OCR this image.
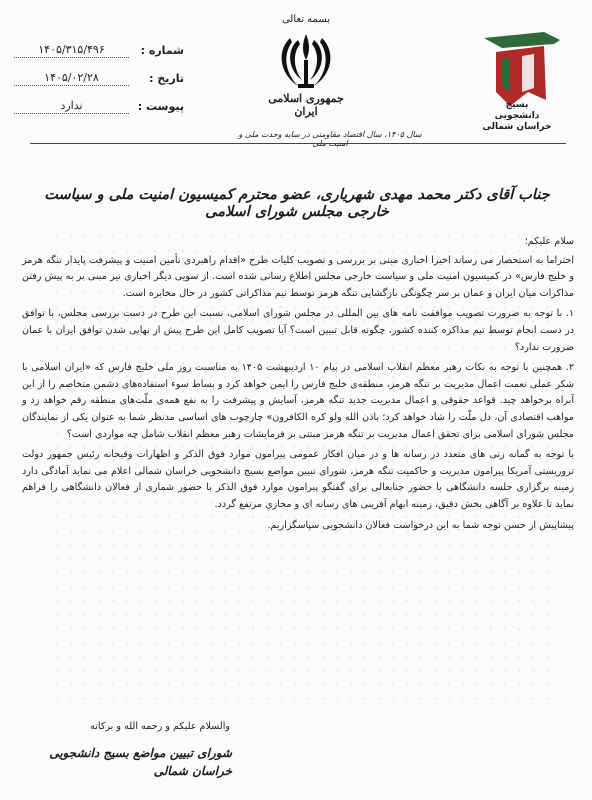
شماره :
۱۴۰۵/۳۱۵/۴۹۶
تاریخ :
۱۴۰۵/۰۲/۲۸
پیوست :
ندارد
بسمه تعالی
جمهوری اسلامی ایران	بسیج
دانشجویی
خراسان شمالی
سال ۱۴۰۵، سال اقتصاد مقاومتی در سایه وحدت ملی و
جناب آقای دکتر محمد مهدی شهریاری، عضو محترم کمیسیون امنیت ملی و سیاست خارجی مجلس شورای اسلامی

سلام علیکم؛

احتراما به استحضار می رساند اخیرا اخباری مبنی بر بررسی و تصویب کلیات طرح «اقدام راهبردی تأمین امنیت و پیشرفت پایدار تنگه هرمز و خلیج فارس» در کمیسیون امنیت ملی و سیاست خارجی مجلس اطلاع رسانی شده است. از سویی دیگر اخباری نیز مبنی بر به پیش رفتن مذاکرات میان ایران و عمان بر سر چگونگی بازگشایی تنگه هرمز توسط تیم مذاکراتی کشور در حال مخابره است.

۱. با توجه به ضرورت تصویب موافقت نامه های بین المللی در مجلس شورای اسلامی، نسبت این طرح در دست بررسی مجلس، با توافق در دست انجام توسط تیم مذاکره کننده کشور، چگونه قابل تبیین است؟ آیا تصویب کامل این طرح پیش از نهایی شدن توافق ایران با عمان ضرورت ندارد؟

۲. همچنین با توجه به نکات رهبر معظم انقلاب اسلامی در پیام ۱۰ اردیبهشت ۱۴۰۵ به مناسبت روز ملی خلیج فارس که «ایران اسلامی با شکر عملی نعمت اعمال مدیریت بر تنگه هرمز، منطقه‌ی خلیج فارس را ایمن خواهد کرد و بساط سوء استفاده‌های دشمن متخاصم را از این آبراه برخواهد چید. قواعد حقوقی و اعمال مدیریت جدید تنگه هرمز، آسایش و پیشرفت را به نفع همه‌ی ملّت‌های منطقه رقم خواهد زد و مواهب اقتصادی آن، دل ملّت را شاد خواهد کرد؛ باذن الله ولو کره الکافرون» چارچوب های اساسی مدنظر شما به عنوان یکی از نمایندگان مجلس شورای اسلامی برای تحقق اعمال مدیریت بر تنگه هرمز مبتنی بر فرمایشات رهبر معظم انقلاب شامل چه مواردی است؟

با توجه به گمانه زنی های متعدد در رسانه ها و در میان افکار عمومی پیرامون موارد فوق الذکر و اظهارات وقیحانه رئیس جمهور دولت تروریستی آمریکا پیرامون مدیریت و حاکمیت تنگه هرمز، شورای تبیین مواضع بسیج دانشجویی خراسان شمالی اعلام می نماید آمادگی دارد زمینه برگزاری جلسه دانشگاهی با حضور جنابعالی برای گفتگو پیرامون موارد فوق الذکر با حضور شماری از فعالان دانشگاهی را فراهم نماید تا علاوه بر آگاهی بخش دقیق، زمینه ابهام آفرینی های رسانه ای و مجازی مرتفع گردد.

پیشاپیش از حسن توجه شما به این درخواست فعالان دانشجویی سپاسگزاریم.

والسلام علیکم و رحمه الله و برکاته
شورای تبیین مواضع بسیج دانشجویی خراسان شمالی
